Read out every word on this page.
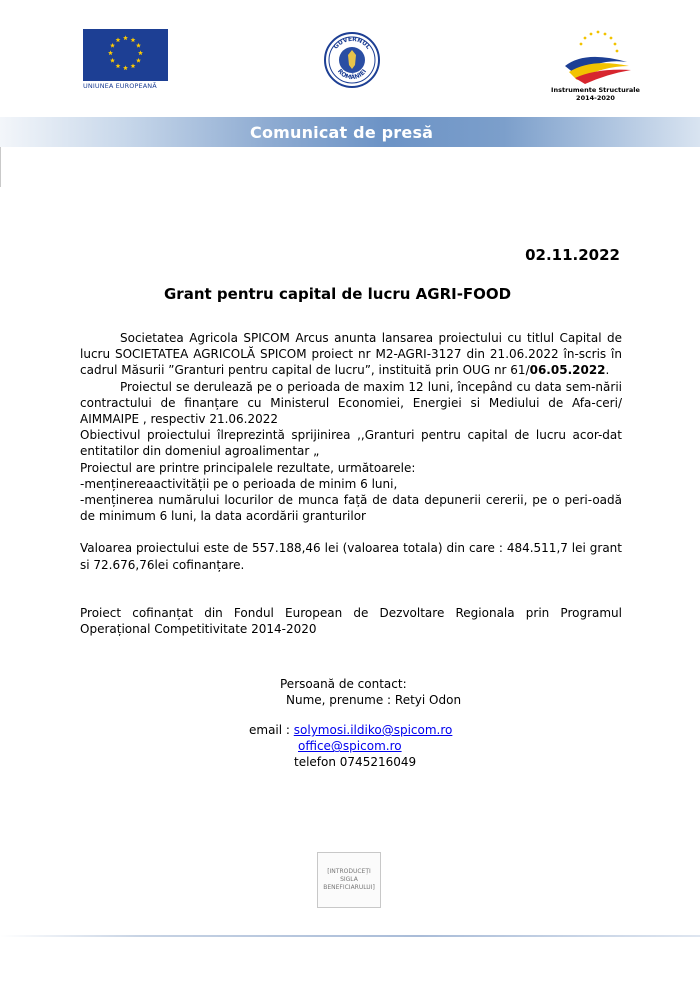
UNIUNEA EUROPEANĂ
GUVERNUL
ROMÂNIEI
Instrumente Structurale
2014-2020
Comunicat de presă
02.11.2022
Grant pentru capital de lucru AGRI-FOOD

Societatea Agricola SPICOM Arcus anunta lansarea proiectului cu titlul Capital de lucru SOCIETATEA AGRICOLĂ SPICOM proiect nr M2-AGRI-3127 din 21.06.2022 în-scris în cadrul Măsurii ”Granturi pentru capital de lucru”, instituită prin OUG nr 61/06.05.2022.

Proiectul se derulează pe o perioada de maxim 12 luni, începând cu data sem-nării contractului de finanțare cu Ministerul Economiei, Energiei si Mediului de Afa-ceri/ AIMMAIPE , respectiv 21.06.2022

Obiectivul proiectului îlreprezintă sprijinirea ,,Granturi pentru capital de lucru acor-dat entitatilor din domeniul agroalimentar „

Proiectul are printre principalele rezultate, următoarele:

-menținereaactivității pe o perioada de minim 6 luni,

-menținerea numărului locurilor de munca față de data depunerii cererii, pe o peri-oadă de minimum 6 luni, la data acordării granturilor

Valoarea proiectului este de 557.188,46 lei (valoarea totala) din care : 484.511,7 lei grant si 72.676,76lei cofinanțare.

Proiect cofinanțat din Fondul European de Dezvoltare Regionala prin Programul Operațional Competitivitate 2014-2020

Persoană de contact:
Nume, prenume : Retyi Odon
email : solymosi.ildiko@spicom.ro
office@spicom.ro
telefon 0745216049
[INTRODUCEȚI
SIGLA
BENEFICIARULUI]
